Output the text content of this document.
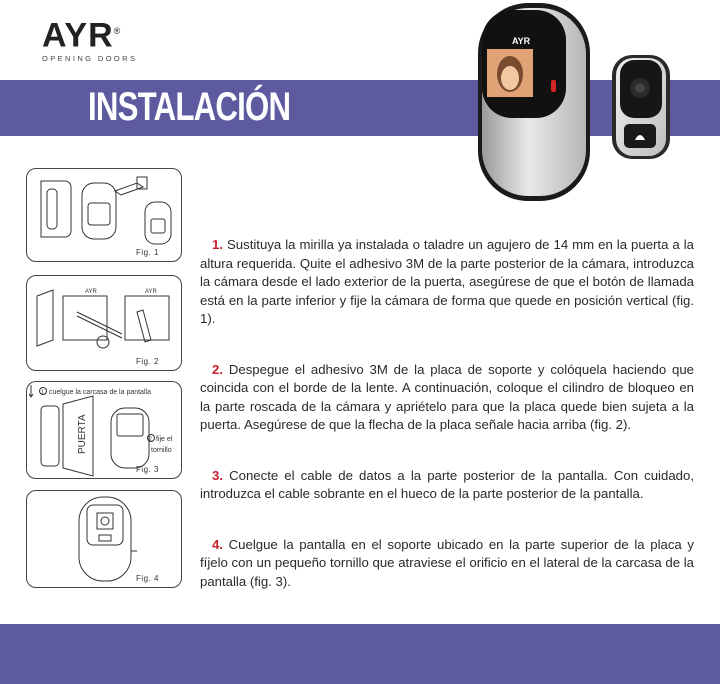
AYR®
OPENING DOORS
INSTALACIÓN
AYR
Fig. 1
AYR	AYR
Fig. 2
1 cuelgue la carcasa de la pantalla
PUERTA	2 fije el
tornillo
Fig. 3
Fig. 4

1. Sustituya la mirilla ya instalada o taladre un agujero de 14 mm en la puerta a la altura requerida. Quite el adhesivo 3M de la parte posterior de la cámara, introduzca la cámara desde el lado exterior de la puerta, asegúrese de que el botón de llamada está en la parte inferior y fije la cámara de forma que quede en posición vertical (fig. 1).

2. Despegue el adhesivo 3M de la placa de soporte y colóquela haciendo que coincida con el borde de la lente. A continuación, coloque el cilindro de bloqueo en la parte roscada de la cámara y apriételo para que la placa quede bien sujeta a la puerta. Asegúrese de que la flecha de la placa señale hacia arriba (fig. 2).

3. Conecte el cable de datos a la parte posterior de la pantalla. Con cuidado, introduzca el cable sobrante en el hueco de la parte posterior de la pantalla.

4. Cuelgue la pantalla en el soporte ubicado en la parte superior de la placa y fíjelo con un pequeño tornillo que atraviese el orificio en el lateral de la carcasa de la pantalla (fig. 3).
